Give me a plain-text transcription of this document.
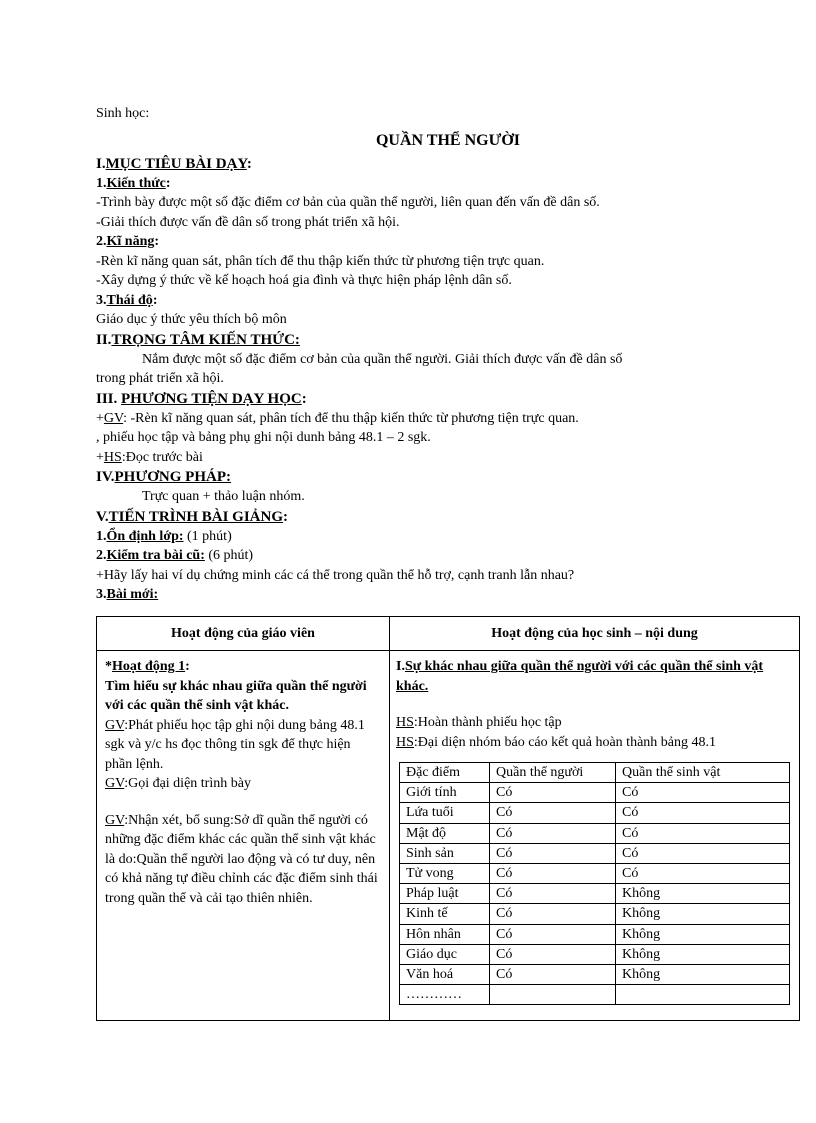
Sinh học:
QUẦN THỂ NGƯỜI
I.MỤC TIÊU BÀI DẠY:
1.Kiến thức:
-Trình bày được một số đặc điểm cơ bản của quần thể người, liên quan đến vấn đề dân số.
-Giải thích được vấn đề dân số trong phát triển xã hội.
2.Kĩ năng:
-Rèn kĩ năng quan sát, phân tích để thu thập kiến thức từ phương tiện trực quan.
-Xây dựng ý thức về kế hoạch hoá gia đình và thực hiện pháp lệnh dân số.
3.Thái độ:
Giáo dục ý thức yêu thích bộ môn
II.TRỌNG TÂM KIẾN THỨC:
Nắm được một số đặc điểm cơ bản của quần thể người. Giải thích được vấn đề dân số
trong phát triển xã hội.
III. PHƯƠNG TIỆN DẠY HỌC:
+GV: -Rèn kĩ năng quan sát, phân tích để thu thập kiến thức từ phương tiện trực quan.
, phiếu học tập và bảng phụ ghi nội dunh bảng 48.1 – 2 sgk.
+HS:Đọc trước bài
IV.PHƯƠNG PHÁP:
Trực quan + thảo luận nhóm.
V.TIẾN TRÌNH BÀI GIẢNG:
1.Ổn định lớp: (1 phút)
2.Kiểm tra bài cũ: (6 phút)
+Hãy lấy hai ví dụ chứng minh các cá thể trong quần thể hỗ trợ, cạnh tranh lẫn nhau?
3.Bài mới:
Hoạt động của giáo viên	Hoạt động của học sinh – nội dung

*Hoạt động 1:
Tìm hiểu sự khác nhau giữa quần thể người với các quần thể sinh vật khác.
GV:Phát phiếu học tập ghi nội dung bảng 48.1 sgk và y/c hs đọc thông tin sgk để thực hiện phần lệnh.
GV:Gọi đại diện trình bày
GV:Nhận xét, bổ sung:Sở dĩ quần thể người có những đặc điểm khác các quần thể sinh vật khác là do:Quần thể người lao động và có tư duy, nên có khả năng tự điều chỉnh các đặc điểm sinh thái trong quần thể và cải tạo thiên nhiên.

I.Sự khác nhau giữa quần thể người với các quần thể sinh vật khác.
HS:Hoàn thành phiếu học tập
HS:Đại diện nhóm báo cáo kết quả hoàn thành bảng 48.1
Đặc điểm	Quần thể người	Quần thể sinh vật
Giới tính	Có	Có
Lứa tuổi	Có	Có
Mật độ	Có	Có
Sinh sản	Có	Có
Tử vong	Có	Có
Pháp luật	Có	Không
Kinh tế	Có	Không
Hôn nhân	Có	Không
Giáo dục	Có	Không
Văn hoá	Có	Không
…………		
